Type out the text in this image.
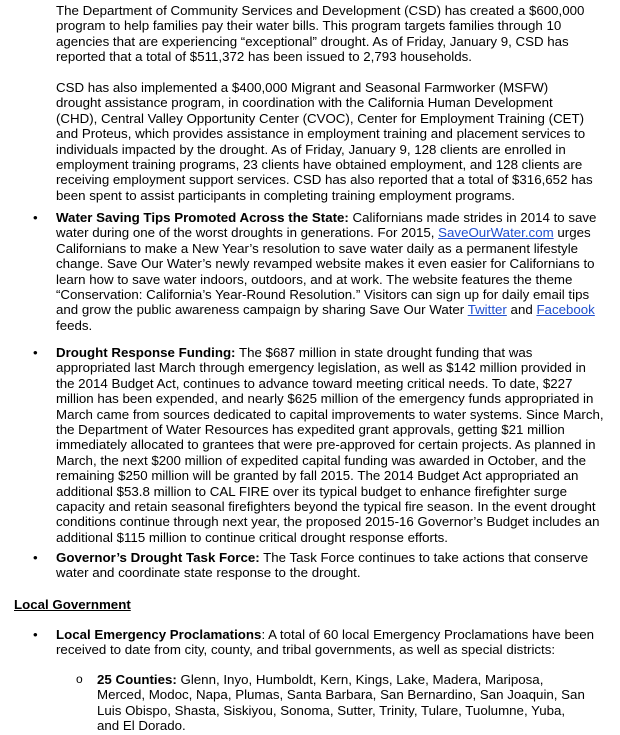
The Department of Community Services and Development (CSD) has created a $600,000 program to help families pay their water bills. This program targets families through 10 agencies that are experiencing “exceptional” drought. As of Friday, January 9, CSD has reported that a total of $511,372 has been issued to 2,793 households.

CSD has also implemented a $400,000 Migrant and Seasonal Farmworker (MSFW) drought assistance program, in coordination with the California Human Development (CHD), Central Valley Opportunity Center (CVOC), Center for Employment Training (CET) and Proteus, which provides assistance in employment training and placement services to individuals impacted by the drought. As of Friday, January 9, 128 clients are enrolled in employment training programs, 23 clients have obtained employment, and 128 clients are receiving employment support services. CSD has also reported that a total of $316,652 has been spent to assist participants in completing training employment programs.

• Water Saving Tips Promoted Across the State: Californians made strides in 2014 to save water during one of the worst droughts in generations. For 2015, SaveOurWater.com urges Californians to make a New Year’s resolution to save water daily as a permanent lifestyle change. Save Our Water’s newly revamped website makes it even easier for Californians to learn how to save water indoors, outdoors, and at work. The website features the theme “Conservation: California’s Year-Round Resolution.” Visitors can sign up for daily email tips and grow the public awareness campaign by sharing Save Our Water Twitter and Facebook feeds.

• Drought Response Funding: The $687 million in state drought funding that was appropriated last March through emergency legislation, as well as $142 million provided in the 2014 Budget Act, continues to advance toward meeting critical needs. To date, $227 million has been expended, and nearly $625 million of the emergency funds appropriated in March came from sources dedicated to capital improvements to water systems. Since March, the Department of Water Resources has expedited grant approvals, getting $21 million immediately allocated to grantees that were pre-approved for certain projects. As planned in March, the next $200 million of expedited capital funding was awarded in October, and the remaining $250 million will be granted by fall 2015. The 2014 Budget Act appropriated an additional $53.8 million to CAL FIRE over its typical budget to enhance firefighter surge capacity and retain seasonal firefighters beyond the typical fire season. In the event drought conditions continue through next year, the proposed 2015-16 Governor’s Budget includes an additional $115 million to continue critical drought response efforts.

• Governor’s Drought Task Force: The Task Force continues to take actions that conserve water and coordinate state response to the drought.

Local Government
• Local Emergency Proclamations: A total of 60 local Emergency Proclamations have been received to date from city, county, and tribal governments, as well as special districts:

o 25 Counties: Glenn, Inyo, Humboldt, Kern, Kings, Lake, Madera, Mariposa, Merced, Modoc, Napa, Plumas, Santa Barbara, San Bernardino, San Joaquin, San Luis Obispo, Shasta, Siskiyou, Sonoma, Sutter, Trinity, Tulare, Tuolumne, Yuba, and El Dorado.
